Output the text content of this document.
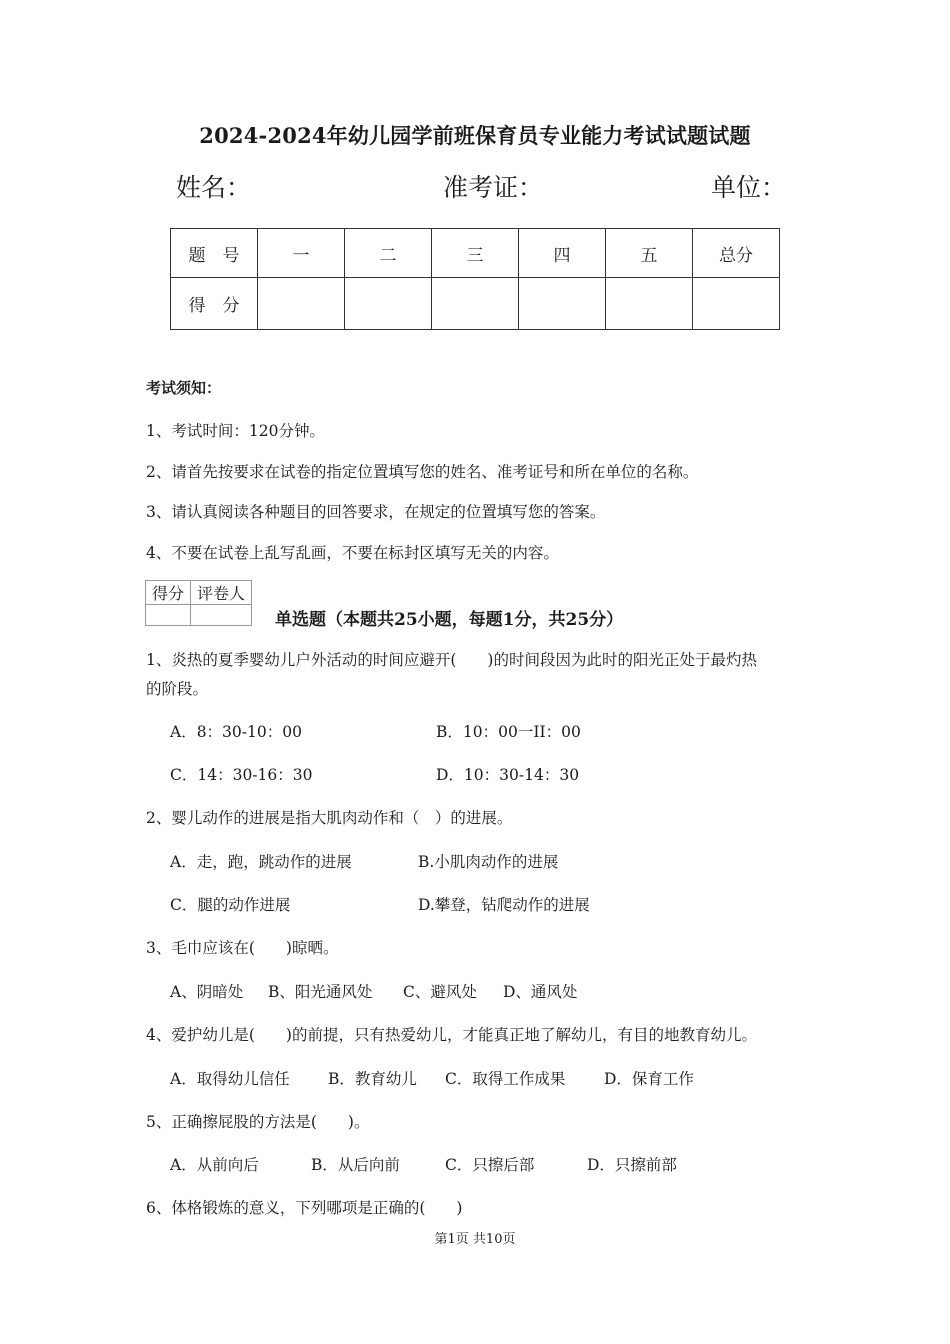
2024-2024年幼儿园学前班保育员专业能力考试试题试题
姓名：	准考证：	单位：
题　号	一	二	三	四	五	总分
得　分						
考试须知：
1、考试时间：120分钟。
2、请首先按要求在试卷的指定位置填写您的姓名、准考证号和所在单位的名称。
3、请认真阅读各种题目的回答要求，在规定的位置填写您的答案。
4、不要在试卷上乱写乱画，不要在标封区填写无关的内容。
得分	评卷人

单选题（本题共25小题，每题1分，共25分）
1、炎热的夏季婴幼儿户外活动的时间应避开(　　)的时间段因为此时的阳光正处于最灼热
的阶段。
A．8：30-10：00	B．10：00一II：00
C．14：30-16：30	D．10：30-14：30
2、婴儿动作的进展是指大肌肉动作和（　）的进展。
A．走，跑，跳动作的进展	B.小肌肉动作的进展
C．腿的动作进展	D.攀登，钻爬动作的进展
3、毛巾应该在(　　)晾晒。
A、阴暗处 B、阳光通风处 C、避风处 D、通风处
4、爱护幼儿是(　　)的前提，只有热爱幼儿，才能真正地了解幼儿，有目的地教育幼儿。
A．取得幼儿信任 B．教育幼儿 C．取得工作成果 D．保育工作
5、正确擦屁股的方法是(　　)。
A．从前向后	B．从后向前	C．只擦后部	D．只擦前部
6、体格锻炼的意义，下列哪项是正确的(　　)
第1页 共10页
